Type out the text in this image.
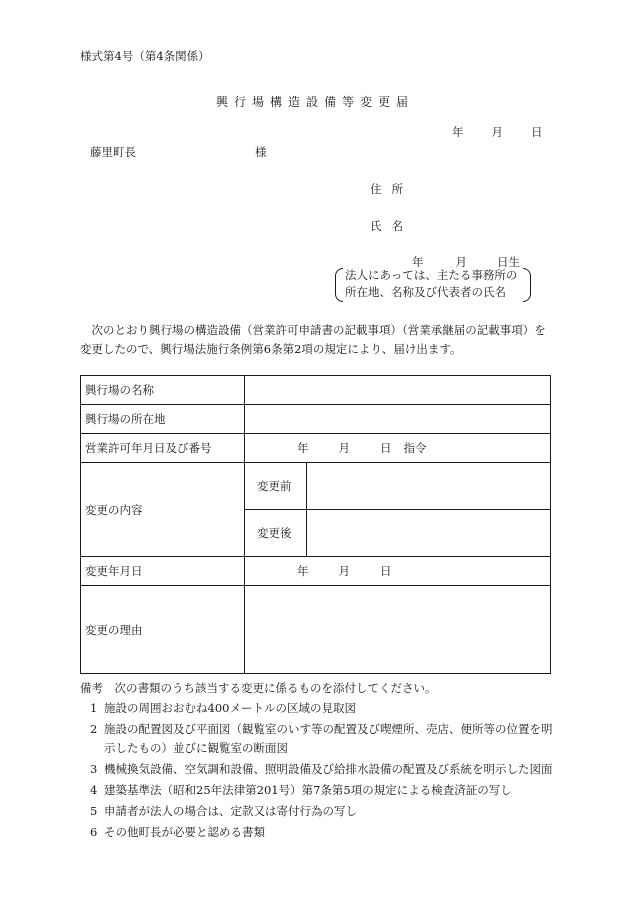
様式第4号（第4条関係）
興行場構造設備等変更届
年 月 日
藤里町長	様
住所
氏名
年	月	日生
法人にあっては、主たる事務所の
所在地、名称及び代表者の氏名
次のとおり興行場の構造設備（営業許可申請書の記載事項）（営業承継届の記載事項）を変更したので、興行場法施行条例第6条第2項の規定により、届け出ます。
興行場の名称		
興行場の所在地		
営業許可年月日及び番号	年 月 日 指令	
変更の内容	変更前	
	変更後	
変更年月日	年 月 日	
変更の理由		
備考　次の書類のうち該当する変更に係るものを添付してください。
1 施設の周囲おおむね400メートルの区域の見取図
2 施設の配置図及び平面図（観覧室のいす等の配置及び喫煙所、売店、便所等の位置を明示したもの）並びに観覧室の断面図
3 機械換気設備、空気調和設備、照明設備及び給排水設備の配置及び系統を明示した図面
4 建築基準法（昭和25年法律第201号）第7条第5項の規定による検査済証の写し
5 申請者が法人の場合は、定款又は寄付行為の写し
6 その他町長が必要と認める書類
